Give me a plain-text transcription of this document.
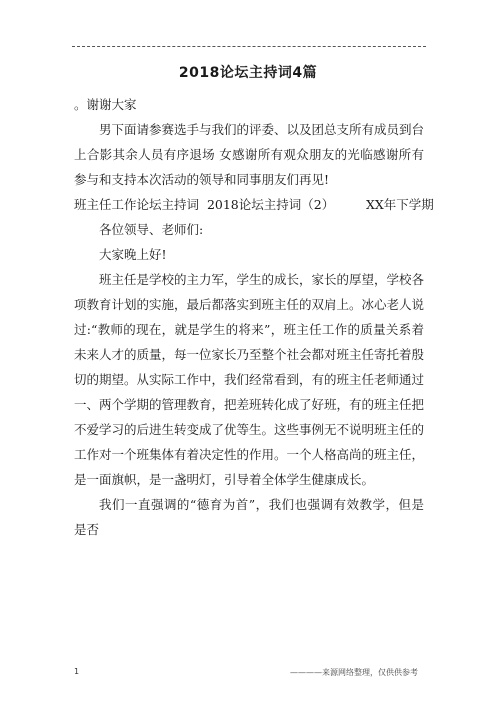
2018论坛主持词4篇

。谢谢大家

男下面请参赛选手与我们的评委、以及团总支所有成员到台上合影其余人员有序退场 女感谢所有观众朋友的光临感谢所有参与和支持本次活动的领导和同事朋友们再见!

班主任工作论坛主持词  2018论坛主持词（2）        XX年下学期

各位领导、老师们:

大家晚上好!

班主任是学校的主力军，学生的成长，家长的厚望，学校各项教育计划的实施，最后都落实到班主任的双肩上。冰心老人说过:“教师的现在，就是学生的将来”，班主任工作的质量关系着未来人才的质量，每一位家长乃至整个社会都对班主任寄托着殷切的期望。从实际工作中，我们经常看到，有的班主任老师通过一、两个学期的管理教育，把差班转化成了好班，有的班主任把不爱学习的后进生转变成了优等生。这些事例无不说明班主任的工作对一个班集体有着决定性的作用。一个人格高尚的班主任，是一面旗帜，是一盏明灯，引导着全体学生健康成长。

我们一直强调的“德育为首”，我们也强调有效教学，但是是否

1	————来源网络整理，仅供供参考
